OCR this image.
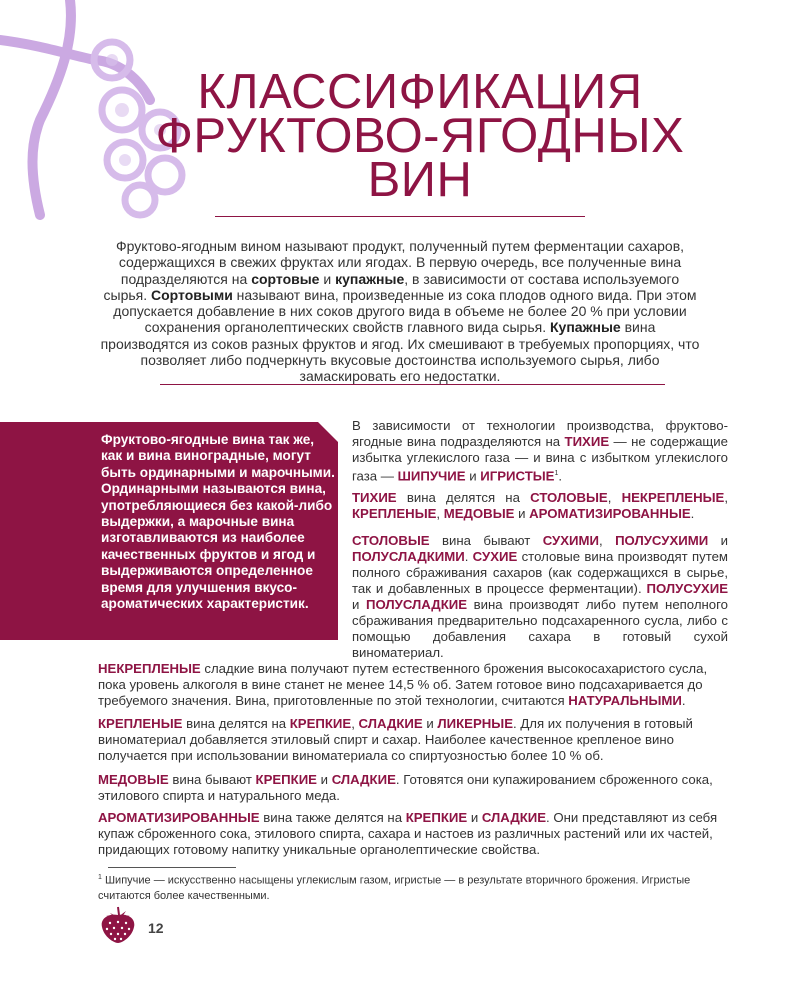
КЛАССИФИКАЦИЯ
ФРУКТОВО-ЯГОДНЫХ
ВИН

Фруктово-ягодным вином называют продукт, полученный путем ферментации сахаров, содержащихся в свежих фруктах или ягодах. В первую очередь, все полученные вина подразделяются на сортовые и купажные, в зависимости от состава используемого сырья. Сортовыми называют вина, произведенные из сока плодов одного вида. При этом допускается добавление в них соков другого вида в объеме не более 20 % при условии сохранения органолептических свойств главного вида сырья. Купажные вина производятся из соков разных фруктов и ягод. Их смешивают в требуемых пропорциях, что позволяет либо подчеркнуть вкусовые достоинства используемого сырья, либо замаскировать его недостатки.

Фруктово-ягодные вина так же, как и вина виноградные, могут быть ординарными и марочными. Ординарными называются вина, употребляющиеся без какой-либо выдержки, а марочные вина изготавливаются из наиболее качественных фруктов и ягод и выдерживаются определенное время для улучшения вкусо-ароматических характеристик.

В зависимости от технологии производства, фруктово-ягодные вина подразделяются на ТИХИЕ — не содержащие избытка углекислого газа — и вина с избытком углекислого газа — ШИПУЧИЕ и ИГРИСТЫЕ$^1$.

ТИХИЕ вина делятся на СТОЛОВЫЕ, НЕКРЕПЛЕНЫЕ, КРЕПЛЕНЫЕ, МЕДОВЫЕ и АРОМАТИЗИРОВАННЫЕ.

СТОЛОВЫЕ вина бывают СУХИМИ, ПОЛУСУХИМИ и ПОЛУСЛАДКИМИ. СУХИЕ столовые вина производят путем полного сбраживания сахаров (как содержащихся в сырье, так и добавленных в процессе ферментации). ПОЛУСУХИЕ и ПОЛУСЛАДКИЕ вина производят либо путем неполного сбраживания предварительно подсахаренного сусла, либо с помощью добавления сахара в готовый сухой виноматериал.

НЕКРЕПЛЕНЫЕ сладкие вина получают путем естественного брожения высокосахаристого сусла, пока уровень алкоголя в вине станет не менее 14,5 % об. Затем готовое вино подсахаривается до требуемого значения. Вина, приготовленные по этой технологии, считаются НАТУРАЛЬНЫМИ.

КРЕПЛЕНЫЕ вина делятся на КРЕПКИЕ, СЛАДКИЕ и ЛИКЕРНЫЕ. Для их получения в готовый виноматериал добавляется этиловый спирт и сахар. Наиболее качественное крепленое вино получается при использовании виноматериала со спиртуозностью более 10 % об.

МЕДОВЫЕ вина бывают КРЕПКИЕ и СЛАДКИЕ. Готовятся они купажированием сброженного сока, этилового спирта и натурального меда.

АРОМАТИЗИРОВАННЫЕ вина также делятся на КРЕПКИЕ и СЛАДКИЕ. Они представляют из себя купаж сброженного сока, этилового спирта, сахара и настоев из различных растений или их частей, придающих готовому напитку уникальные органолептические свойства.

$^1$ Шипучие — искусственно насыщены углекислым газом, игристые — в результате вторичного брожения. Игристые считаются более качественными.

12
